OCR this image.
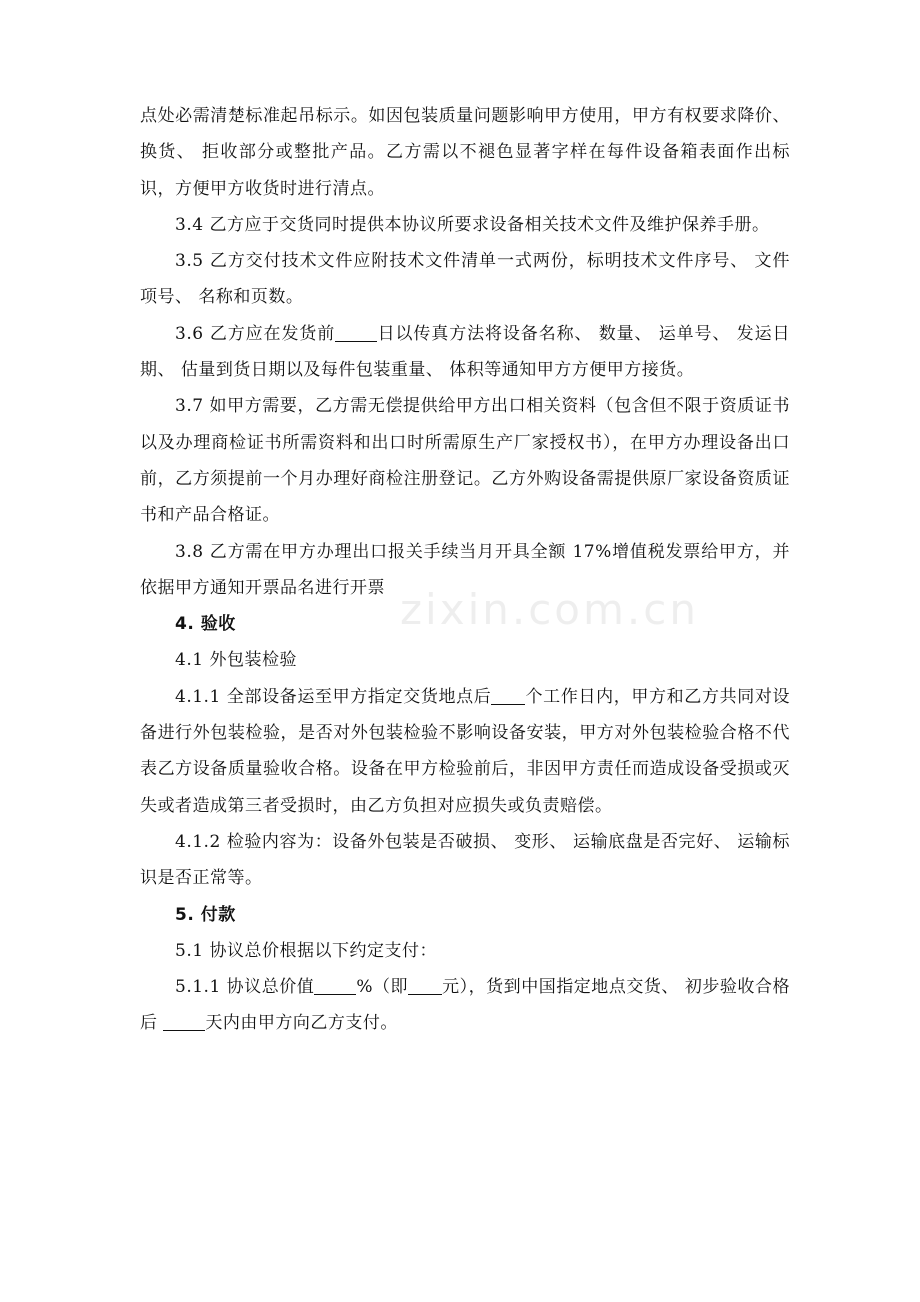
zixin.com.cn

点处必需清楚标准起吊标示。如因包装质量问题影响甲方使用，甲方有权要求降价、 换货、 拒收部分或整批产品。乙方需以不褪色显著字样在每件设备箱表面作出标识，方便甲方收货时进行清点。

3.4 乙方应于交货同时提供本协议所要求设备相关技术文件及维护保养手册。

3.5 乙方交付技术文件应附技术文件清单一式两份，标明技术文件序号、 文件项号、 名称和页数。

3.6 乙方应在发货前 日以传真方法将设备名称、 数量、 运单号、 发运日期、 估量到货日期以及每件包装重量、 体积等通知甲方方便甲方接货。

3.7 如甲方需要，乙方需无偿提供给甲方出口相关资料（包含但不限于资质证书以及办理商检证书所需资料和出口时所需原生产厂家授权书），在甲方办理设备出口前，乙方须提前一个月办理好商检注册登记。乙方外购设备需提供原厂家设备资质证书和产品合格证。

3.8 乙方需在甲方办理出口报关手续当月开具全额 17%增值税发票给甲方，并依据甲方通知开票品名进行开票

4. 验收

4.1 外包装检验

4.1.1 全部设备运至甲方指定交货地点后 个工作日内，甲方和乙方共同对设备进行外包装检验，是否对外包装检验不影响设备安装，甲方对外包装检验合格不代表乙方设备质量验收合格。设备在甲方检验前后，非因甲方责任而造成设备受损或灭失或者造成第三者受损时，由乙方负担对应损失或负责赔偿。

4.1.2 检验内容为：设备外包装是否破损、 变形、 运输底盘是否完好、 运输标识是否正常等。

5. 付款

5.1 协议总价根据以下约定支付：

5.1.1 协议总价值 %（即 元），货到中国指定地点交货、 初步验收合格后 天内由甲方向乙方支付。
